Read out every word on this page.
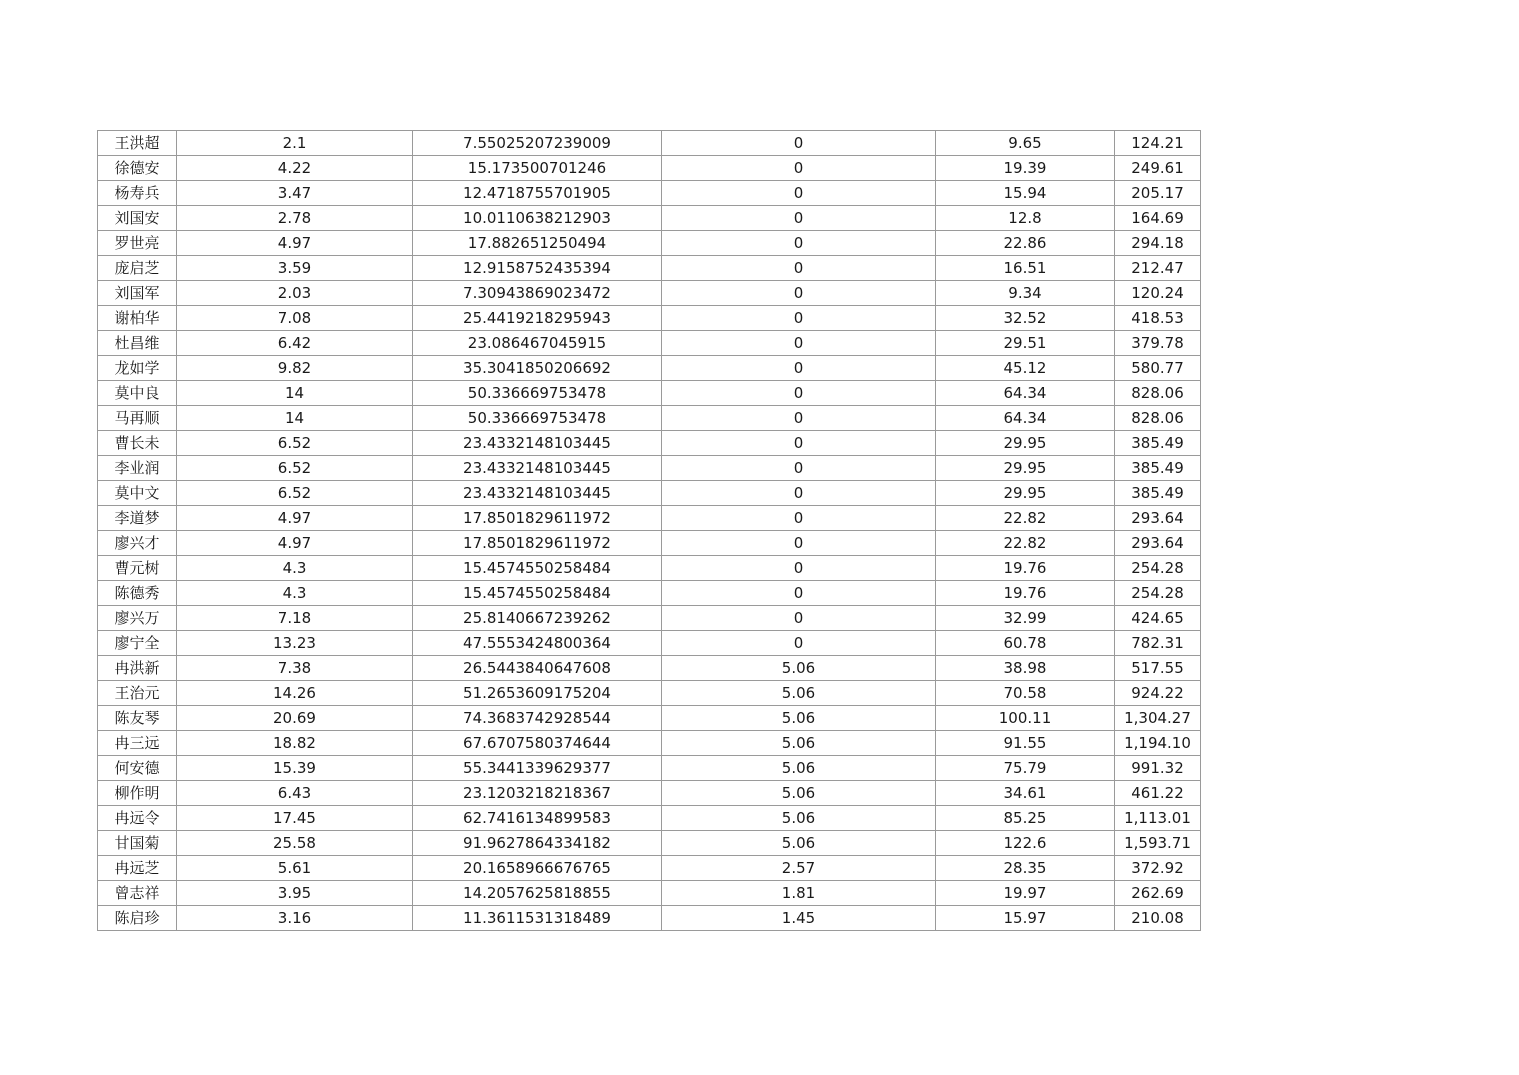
王洪超	2.1	7.55025207239009	0	9.65	124.21
徐德安	4.22	15.173500701246	0	19.39	249.61
杨寿兵	3.47	12.4718755701905	0	15.94	205.17
刘国安	2.78	10.0110638212903	0	12.8	164.69
罗世亮	4.97	17.882651250494	0	22.86	294.18
庞启芝	3.59	12.9158752435394	0	16.51	212.47
刘国军	2.03	7.30943869023472	0	9.34	120.24
谢柏华	7.08	25.4419218295943	0	32.52	418.53
杜昌维	6.42	23.086467045915	0	29.51	379.78
龙如学	9.82	35.3041850206692	0	45.12	580.77
莫中良	14	50.336669753478	0	64.34	828.06
马再顺	14	50.336669753478	0	64.34	828.06
曹长未	6.52	23.4332148103445	0	29.95	385.49
李业润	6.52	23.4332148103445	0	29.95	385.49
莫中文	6.52	23.4332148103445	0	29.95	385.49
李道梦	4.97	17.8501829611972	0	22.82	293.64
廖兴才	4.97	17.8501829611972	0	22.82	293.64
曹元树	4.3	15.4574550258484	0	19.76	254.28
陈德秀	4.3	15.4574550258484	0	19.76	254.28
廖兴万	7.18	25.8140667239262	0	32.99	424.65
廖宁全	13.23	47.5553424800364	0	60.78	782.31
冉洪新	7.38	26.5443840647608	5.06	38.98	517.55
王治元	14.26	51.2653609175204	5.06	70.58	924.22
陈友琴	20.69	74.3683742928544	5.06	100.11	1,304.27
冉三远	18.82	67.6707580374644	5.06	91.55	1,194.10
何安德	15.39	55.3441339629377	5.06	75.79	991.32
柳作明	6.43	23.1203218218367	5.06	34.61	461.22
冉远令	17.45	62.7416134899583	5.06	85.25	1,113.01
甘国菊	25.58	91.9627864334182	5.06	122.6	1,593.71
冉远芝	5.61	20.1658966676765	2.57	28.35	372.92
曾志祥	3.95	14.2057625818855	1.81	19.97	262.69
陈启珍	3.16	11.3611531318489	1.45	15.97	210.08
